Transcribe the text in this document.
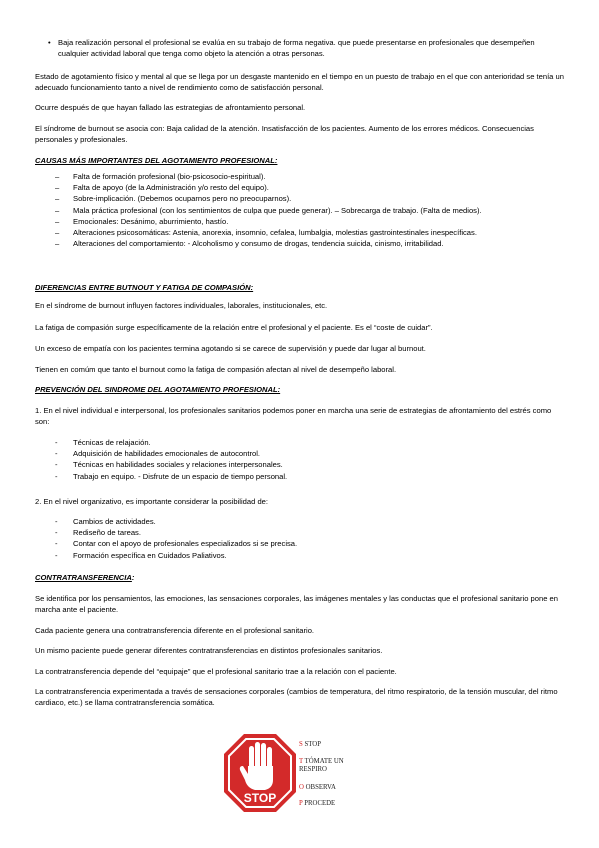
• Baja realización personal el profesional se evalúa en su trabajo de forma negativa. que puede presentarse en profesionales que desempeñen cualquier actividad laboral que tenga como objeto la atención a otras personas.

Estado de agotamiento físico y mental al que se llega por un desgaste mantenido en el tiempo en un puesto de trabajo en el que con anterioridad se tenía un adecuado funcionamiento tanto a nivel de rendimiento como de satisfacción personal.

Ocurre después de que hayan fallado las estrategias de afrontamiento personal.

El síndrome de burnout se asocia con: Baja calidad de la atención. Insatisfacción de los pacientes. Aumento de los errores médicos. Consecuencias personales y profesionales.

CAUSAS MÁS IMPORTANTES DEL AGOTAMIENTO PROFESIONAL:
– Falta de formación profesional (bio-psicosocio-espiritual).
– Falta de apoyo (de la Administración y/o resto del equipo).
– Sobre-implicación. (Debemos ocuparnos pero no preocuparnos).
– Mala práctica profesional (con los sentimientos de culpa que puede generar). – Sobrecarga de trabajo. (Falta de medios).
– Emocionales: Desánimo, aburrimiento, hastío.
– Alteraciones psicosomáticas: Astenia, anorexia, insomnio, cefalea, lumbalgia, molestias gastrointestinales inespecíficas.
– Alteraciones del comportamiento: - Alcoholismo y consumo de drogas, tendencia suicida, cinismo, irritabilidad.
DIFERENCIAS ENTRE BUTNOUT Y FATIGA DE COMPASIÓN:

En el síndrome de burnout influyen factores individuales, laborales, institucionales, etc.

La fatiga de compasión surge específicamente de la relación entre el profesional y el paciente. Es el “coste de cuidar”.

Un exceso de empatía con los pacientes termina agotando si se carece de supervisión y puede dar lugar al burnout.

Tienen en comúm que tanto el burnout como la fatiga de compasión afectan al nivel de desempeño laboral.

PREVENCIÓN DEL SINDROME DEL AGOTAMIENTO PROFESIONAL:

1. En el nivel individual e interpersonal, los profesionales sanitarios podemos poner en marcha una serie de estrategias de afrontamiento del estrés como son:

- Técnicas de relajación.
- Adquisición de habilidades emocionales de autocontrol.
- Técnicas en habilidades sociales y relaciones interpersonales.
- Trabajo en equipo. - Disfrute de un espacio de tiempo personal.

2. En el nivel organizativo, es importante considerar la posibilidad de:

- Cambios de actividades.
- Rediseño de tareas.
- Contar con el apoyo de profesionales especializados si se precisa.
- Formación específica en Cuidados Paliativos.
CONTRATRANSFERENCIA:

Se identifica por los pensamientos, las emociones, las sensaciones corporales, las imágenes mentales y las conductas que el profesional sanitario pone en marcha ante el paciente.

Cada paciente genera una contratransferencia diferente en el profesional sanitario.

Un mismo paciente puede generar diferentes contratransferencias en distintos profesionales sanitarios.

La contratransferencia depende del “equipaje” que el profesional sanitario trae a la relación con el paciente.

La contratransferencia experimentada a través de sensaciones corporales (cambios de temperatura, del ritmo respiratorio, de la tensión muscular, del ritmo cardiaco, etc.) se llama contratransferencia somática.

STOP
S STOP
T TÓMATE UN RESPIRO
O OBSERVA
P PROCEDE
